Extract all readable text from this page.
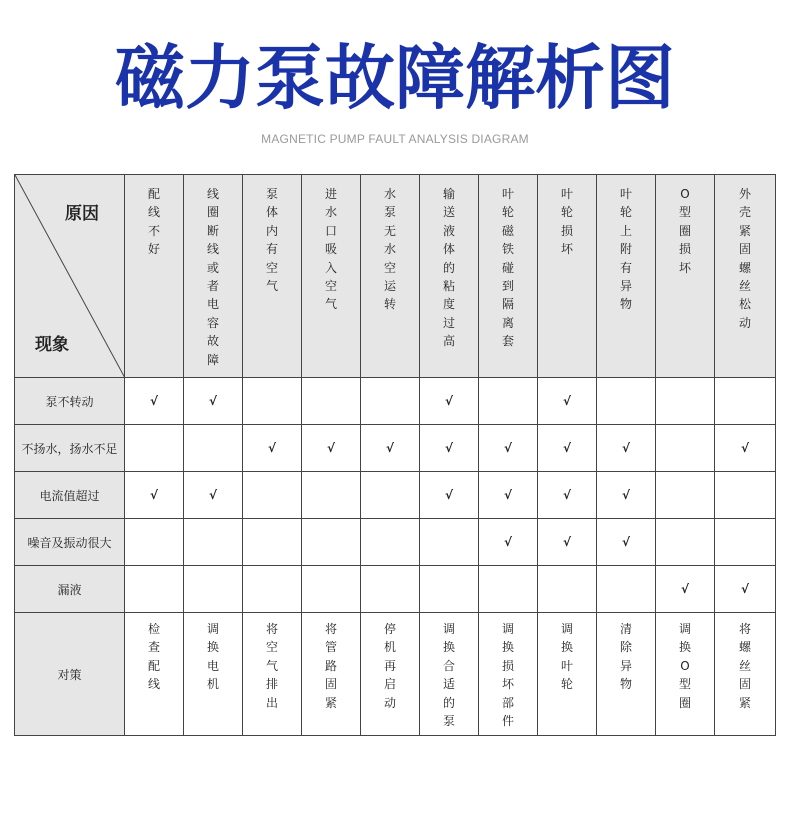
磁力泵故障解析图
MAGNETIC PUMP FAULT ANALYSIS DIAGRAM
原因
现象	配线不好	线圈断线或者电容故障	泵体内有空气	进水口吸入空气	水泵无水空运转	输送液体的粘度过高	叶轮磁铁碰到隔离套	叶轮损坏	叶轮上附有异物	O型圈损坏	外壳紧固螺丝松动

泵不转动	√	√				√		√			
不扬水，扬水不足			√	√	√	√	√	√	√		√
电流值超过	√	√				√	√	√	√		
噪音及振动很大							√	√	√		
漏液										√	√
对策	检查配线	调换电机	将空气排出	将管路固紧	停机再启动	调换合适的泵	调换损坏部件	调换叶轮	清除异物	调换O型圈	将螺丝固紧
